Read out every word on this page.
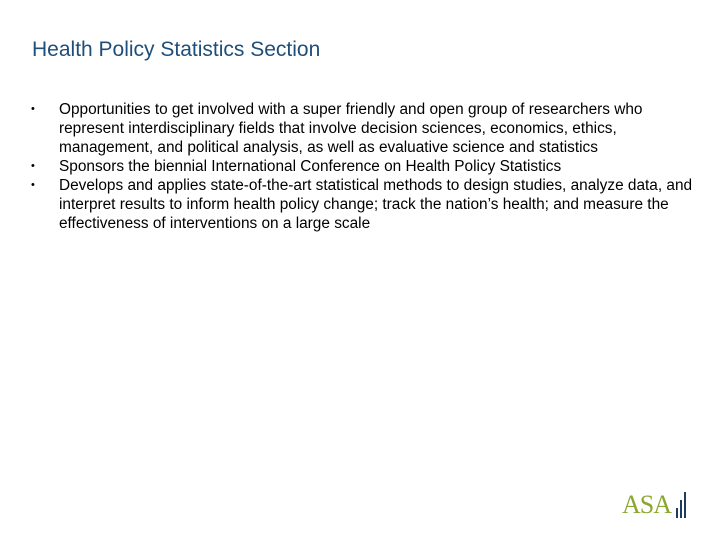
Health Policy Statistics Section
• Opportunities to get involved with a super friendly and open group of researchers who represent interdisciplinary fields that involve decision sciences, economics, ethics, management, and political analysis, as well as evaluative science and statistics
• Sponsors the biennial International Conference on Health Policy Statistics
• Develops and applies state-of-the-art statistical methods to design studies, analyze data, and interpret results to inform health policy change; track the nation’s health; and measure the effectiveness of interventions on a large scale
ASA
